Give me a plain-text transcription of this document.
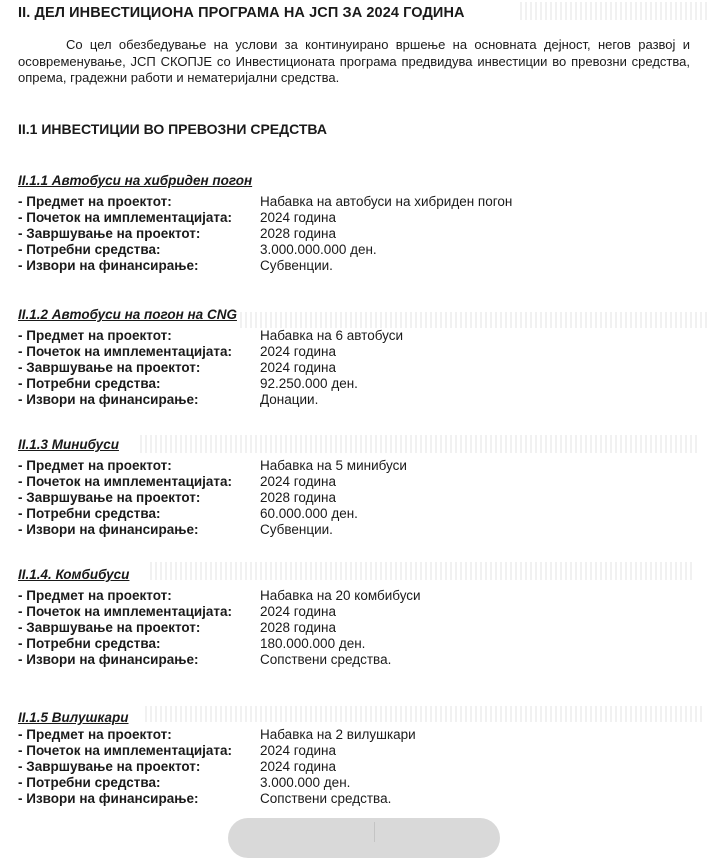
II. ДЕЛ ИНВЕСТИЦИОНА ПРОГРАМА НА ЈСП ЗА 2024 ГОДИНА
Со цел обезбедување на услови за континуирано вршење на основната дејност, негов развој и осовременување, ЈСП СКОПЈЕ со Инвестиционата програма предвидува инвестиции во превозни средства, опрема, градежни работи и нематеријални средства.
II.1 ИНВЕСТИЦИИ ВО ПРЕВОЗНИ СРЕДСТВА
II.1.1 Автобуси на хибриден погон
- Предмет на проектот:	Набавка на автобуси на хибриден погон
- Почеток на имплементацијата:	2024 година
- Завршување на проектот:	2028 година
- Потребни средства:	3.000.000.000 ден.
- Извори на финансирање:	Субвенции.
II.1.2 Автобуси на погон на CNG
- Предмет на проектот:	Набавка на 6 автобуси
- Почеток на имплементацијата:	2024 година
- Завршување на проектот:	2024 година
- Потребни средства:	92.250.000 ден.
- Извори на финансирање:	Донации.
II.1.3 Минибуси
- Предмет на проектот:	Набавка на 5 минибуси
- Почеток на имплементацијата:	2024 година
- Завршување на проектот:	2028 година
- Потребни средства:	60.000.000 ден.
- Извори на финансирање:	Субвенции.
II.1.4. Комбибуси
- Предмет на проектот:	Набавка на 20 комбибуси
- Почеток на имплементацијата:	2024 година
- Завршување на проектот:	2028 година
- Потребни средства:	180.000.000 ден.
- Извори на финансирање:	Сопствени средства.
II.1.5 Вилушкари
- Предмет на проектот:	Набавка на 2 вилушкари
- Почеток на имплементацијата:	2024 година
- Завршување на проектот:	2024 година
- Потребни средства:	3.000.000 ден.
- Извори на финансирање:	Сопствени средства.
